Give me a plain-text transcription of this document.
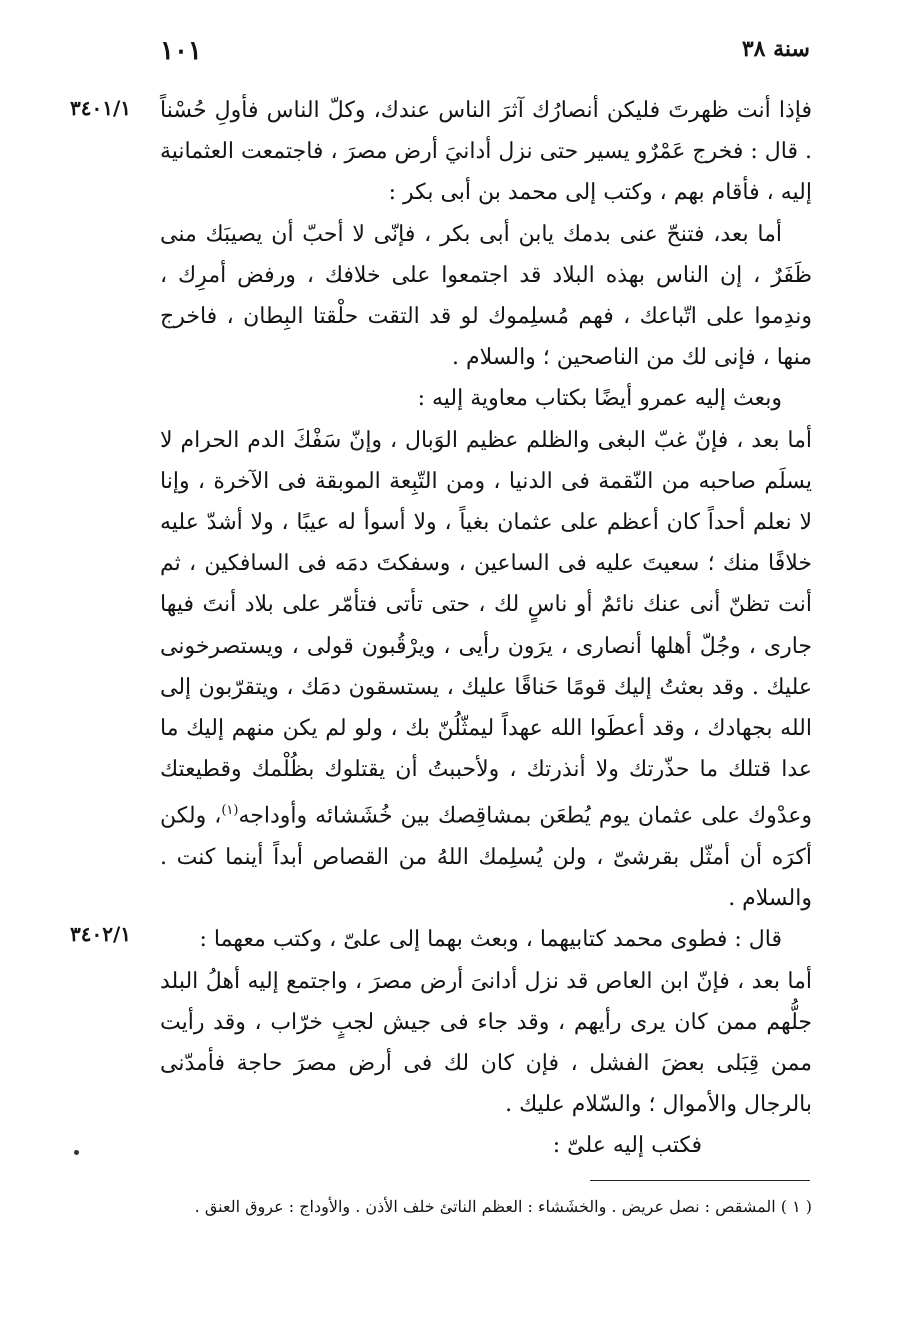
١٠١	سنة ٣٨
٣٤٠١/١
٣٤٠٢/١

فإذا أنت ظهرتَ فليكن أنصارُك آثرَ الناس عندك، وكلّ الناس فأولِ حُسْناً . قال : فخرج عَمْرٌو يسير حتى نزل أدانيَ أرض مصرَ ، فاجتمعت العثمانية إليه ، فأقام بهم ، وكتب إلى محمد بن أبى بكر :

أما بعد، فتنحّ عنى بدمك يابن أبى بكر ، فإنّى لا أحبّ أن يصيبَك منى ظَفَرٌ ، إن الناس بهذه البلاد قد اجتمعوا على خلافك ، ورفض أمرِك ، وندِموا على اتّباعك ، فهم مُسلِموك لو قد التقت حلْقتا البِطان ، فاخرج منها ، فإنى لك من الناصحين ؛ والسلام .

وبعث إليه عمرو أيضًا بكتاب معاوية إليه :

أما بعد ، فإنّ غبّ البغى والظلم عظيم الوَبال ، وإنّ سَفْكَ الدم الحرام لا يسلَم صاحبه من النّقمة فى الدنيا ، ومن التّبِعة الموبقة فى الآخرة ، وإنا لا نعلم أحداً كان أعظم على عثمان بغياً ، ولا أسوأ له عيبًا ، ولا أشدّ عليه خلافًا منك ؛ سعيتَ عليه فى الساعين ، وسفكتَ دمَه فى السافكين ، ثم أنت تظنّ أنى عنك نائمٌ أو ناسٍ لك ، حتى تأتى فتأمّر على بلاد أنتَ فيها جارى ، وجُلّ أهلها أنصارى ، يرَون رأيى ، ويرْقُبون قولى ، ويستصرخونى عليك . وقد بعثتُ إليك قومًا حَناقًا عليك ، يستسقون دمَك ، ويتقرّبون إلى الله بجهادك ، وقد أعطَوا الله عهداً ليمثّلُنّ بك ، ولو لم يكن منهم إليك ما عدا قتلك ما حذّرتك ولا أنذرتك ، ولأحببتُ أن يقتلوك بظُلْمك وقطيعتك وعدْوك على عثمان يوم يُطعَن بمشاقِصك بين خُشَشائه وأوداجه$^{(١)}$، ولكن أكرَه أن أمثّل بقرشىّ ، ولن يُسلِمك اللهُ من القصاص أبداً أينما كنت . والسلام .

قال : فطوى محمد كتابيهما ، وبعث بهما إلى علىّ ، وكتب معهما :

أما بعد ، فإنّ ابن العاص قد نزل أدانىَ أرض مصرَ ، واجتمع إليه أهلُ البلد جلُّهم ممن كان يرى رأيهم ، وقد جاء فى جيش لجبٍ خرّاب ، وقد رأيت ممن قِبَلى بعضَ الفشل ، فإن كان لك فى أرض مصرَ حاجة فأمدّنى بالرجال والأموال ؛ والسّلام عليك .

فكتب إليه علىّ :

( ١ ) المشقص : نصل عريض . والخشَشاء : العظم الناتئ خلف الأذن . والأوداج : عروق العنق .
